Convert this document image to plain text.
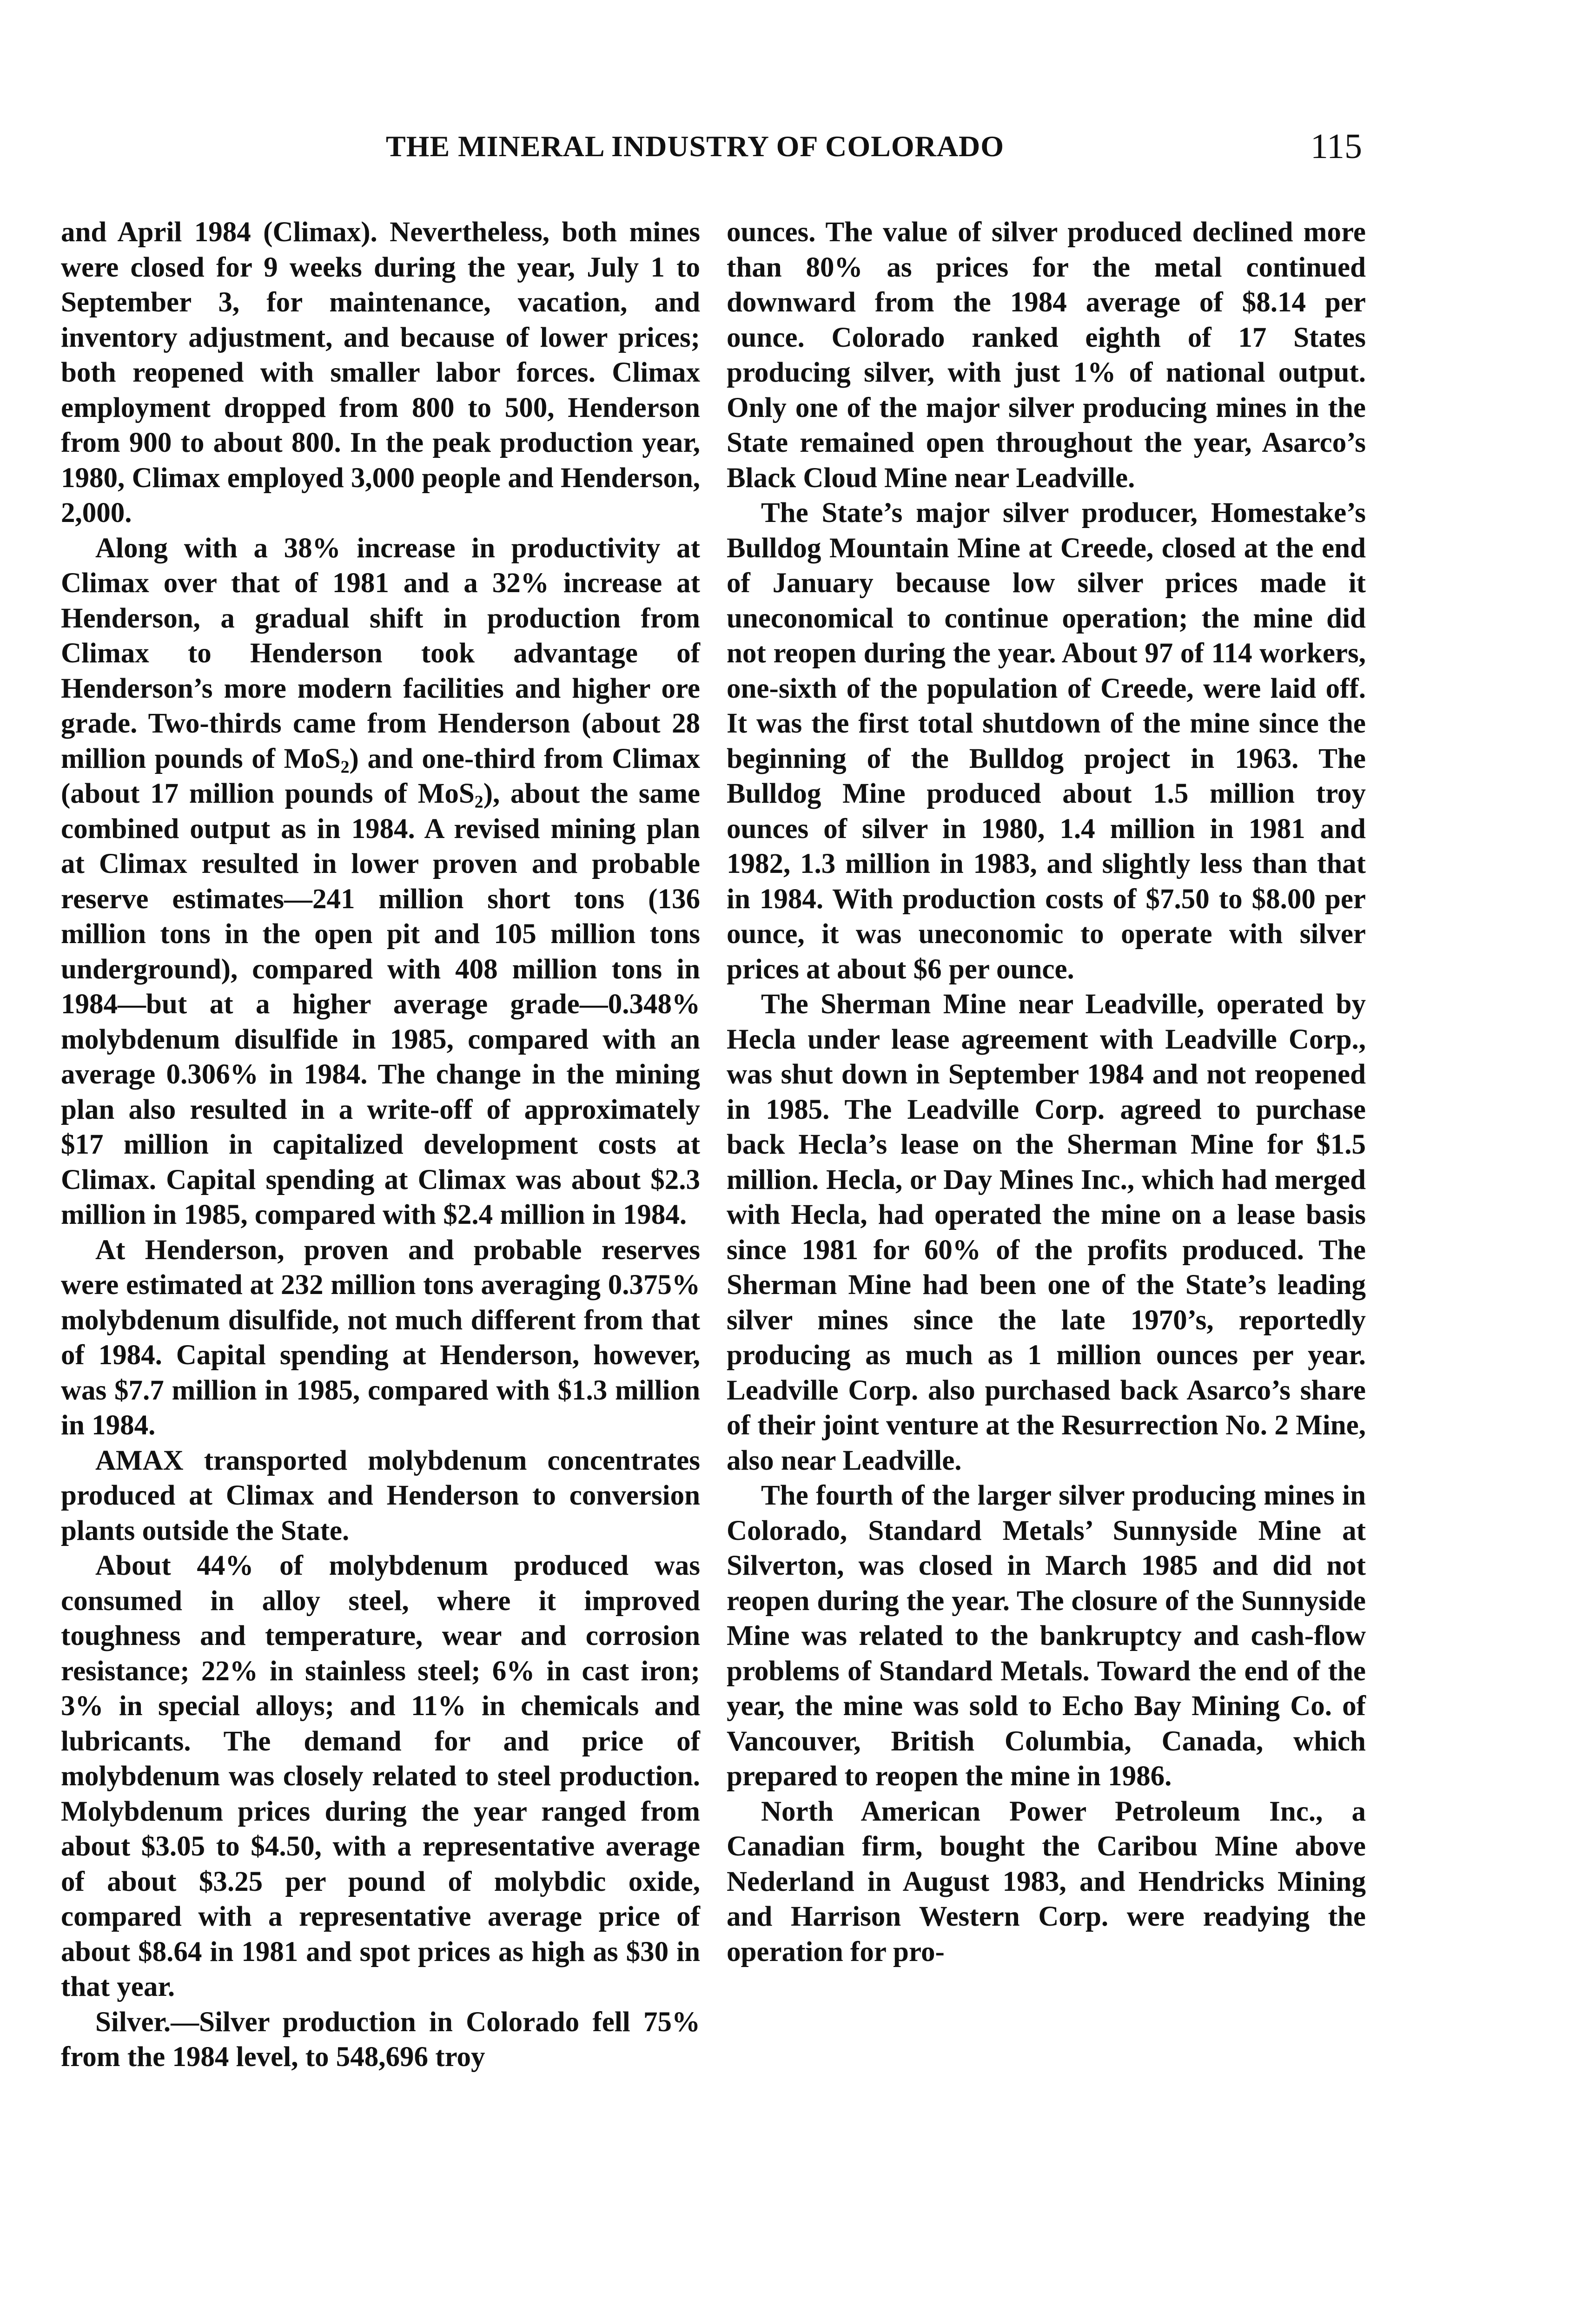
THE MINERAL INDUSTRY OF COLORADO	115

and April 1984 (Climax). Nevertheless, both mines were closed for 9 weeks during the year, July 1 to September 3, for maintenance, vacation, and inventory adjustment, and because of lower prices; both reopened with smaller labor forces. Climax employment dropped from 800 to 500, Henderson from 900 to about 800. In the peak production year, 1980, Climax employed 3,000 people and Henderson, 2,000.

Along with a 38% increase in productivity at Climax over that of 1981 and a 32% increase at Henderson, a gradual shift in production from Climax to Henderson took advantage of Henderson’s more modern facilities and higher ore grade. Two-thirds came from Henderson (about 28 million pounds of MoS$_2$) and one-third from Climax (about 17 million pounds of MoS$_2$), about the same combined output as in 1984. A revised mining plan at Climax resulted in lower proven and probable reserve estimates—241 million short tons (136 million tons in the open pit and 105 million tons underground), compared with 408 million tons in 1984—but at a higher average grade—0.348% molybdenum disulfide in 1985, compared with an average 0.306% in 1984. The change in the mining plan also resulted in a write-off of approximately $17 million in capitalized development costs at Climax. Capital spending at Climax was about $2.3 million in 1985, compared with $2.4 million in 1984.

At Henderson, proven and probable reserves were estimated at 232 million tons averaging 0.375% molybdenum disulfide, not much different from that of 1984. Capital spending at Henderson, however, was $7.7 million in 1985, compared with $1.3 million in 1984.

AMAX transported molybdenum concentrates produced at Climax and Henderson to conversion plants outside the State.

About 44% of molybdenum produced was consumed in alloy steel, where it improved toughness and temperature, wear and corrosion resistance; 22% in stainless steel; 6% in cast iron; 3% in special alloys; and 11% in chemicals and lubricants. The demand for and price of molybdenum was closely related to steel production. Molybdenum prices during the year ranged from about $3.05 to $4.50, with a representative average of about $3.25 per pound of molybdic oxide, compared with a representative average price of about $8.64 in 1981 and spot prices as high as $30 in that year.

Silver.—Silver production in Colorado fell 75% from the 1984 level, to 548,696 troy

ounces. The value of silver produced declined more than 80% as prices for the metal continued downward from the 1984 average of $8.14 per ounce. Colorado ranked eighth of 17 States producing silver, with just 1% of national output. Only one of the major silver producing mines in the State remained open throughout the year, Asarco’s Black Cloud Mine near Leadville.

The State’s major silver producer, Homestake’s Bulldog Mountain Mine at Creede, closed at the end of January because low silver prices made it uneconomical to continue operation; the mine did not reopen during the year. About 97 of 114 workers, one-sixth of the population of Creede, were laid off. It was the first total shutdown of the mine since the beginning of the Bulldog project in 1963. The Bulldog Mine produced about 1.5 million troy ounces of silver in 1980, 1.4 million in 1981 and 1982, 1.3 million in 1983, and slightly less than that in 1984. With production costs of $7.50 to $8.00 per ounce, it was uneconomic to operate with silver prices at about $6 per ounce.

The Sherman Mine near Leadville, operated by Hecla under lease agreement with Leadville Corp., was shut down in September 1984 and not reopened in 1985. The Leadville Corp. agreed to purchase back Hecla’s lease on the Sherman Mine for $1.5 million. Hecla, or Day Mines Inc., which had merged with Hecla, had operated the mine on a lease basis since 1981 for 60% of the profits produced. The Sherman Mine had been one of the State’s leading silver mines since the late 1970’s, reportedly producing as much as 1 million ounces per year. Leadville Corp. also purchased back Asarco’s share of their joint venture at the Resurrection No. 2 Mine, also near Leadville.

The fourth of the larger silver producing mines in Colorado, Standard Metals’ Sunnyside Mine at Silverton, was closed in March 1985 and did not reopen during the year. The closure of the Sunnyside Mine was related to the bankruptcy and cash-flow problems of Standard Metals. Toward the end of the year, the mine was sold to Echo Bay Mining Co. of Vancouver, British Columbia, Canada, which prepared to reopen the mine in 1986.

North American Power Petroleum Inc., a Canadian firm, bought the Caribou Mine above Nederland in August 1983, and Hendricks Mining and Harrison Western Corp. were readying the operation for pro-
